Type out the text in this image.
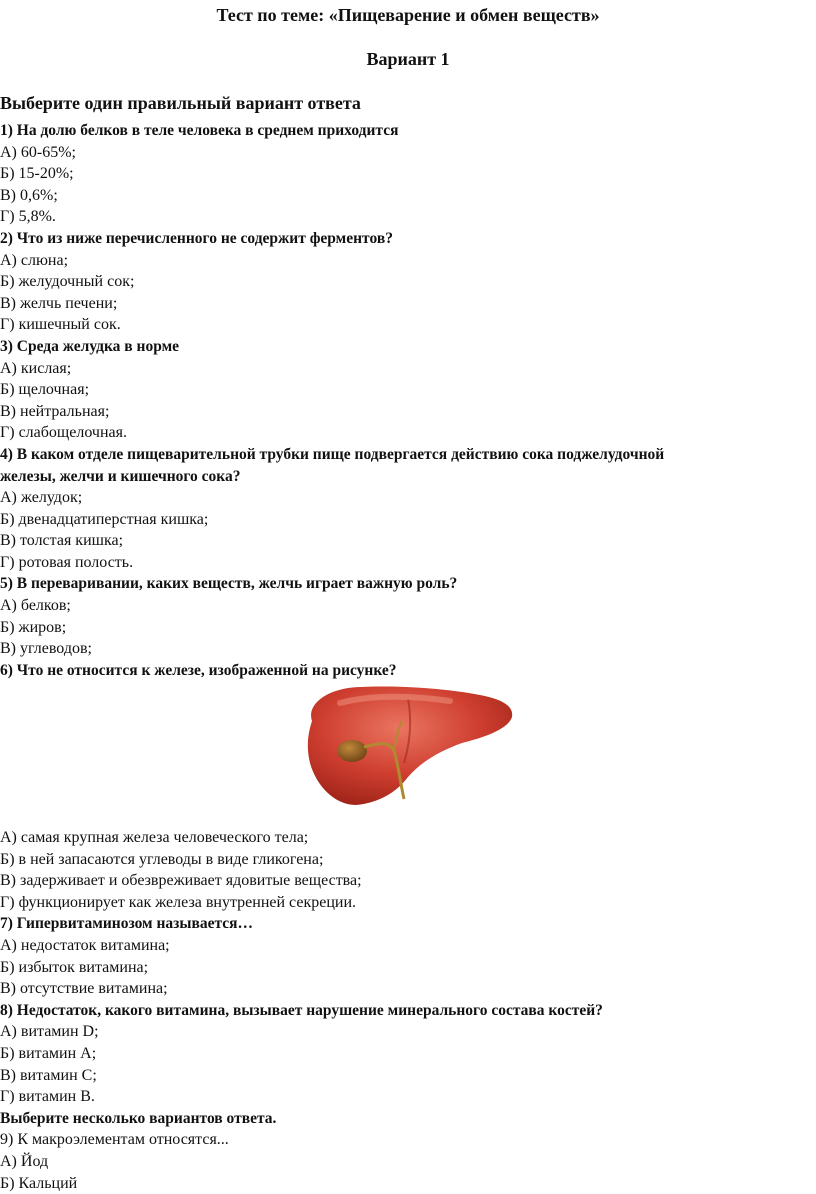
Тест по теме: «Пищеварение и обмен веществ»
Вариант 1
Выберите один правильный вариант ответа
1) На долю белков в теле человека в среднем приходится
А) 60-65%;
Б) 15-20%;
В) 0,6%;
Г) 5,8%.
2) Что из ниже перечисленного не содержит ферментов?
А) слюна;
Б) желудочный сок;
В) желчь печени;
Г) кишечный сок.
3) Среда желудка в норме
А) кислая;
Б) щелочная;
В) нейтральная;
Г) слабощелочная.
4) В каком отделе пищеварительной трубки пище подвергается действию сока поджелудочной
железы, желчи и кишечного сока?
А) желудок;
Б) двенадцатиперстная кишка;
В) толстая кишка;
Г) ротовая полость.
5) В переваривании, каких веществ, желчь играет важную роль?
А) белков;
Б) жиров;
В) углеводов;
6) Что не относится к железе, изображенной на рисунке?
А) самая крупная железа человеческого тела;
Б) в ней запасаются углеводы в виде гликогена;
В) задерживает и обезвреживает ядовитые вещества;
Г) функционирует как железа внутренней секреции.
7) Гипервитаминозом называется…
А) недостаток витамина;
Б) избыток витамина;
В) отсутствие витамина;
8) Недостаток, какого витамина, вызывает нарушение минерального состава костей?
А) витамин D;
Б) витамин А;
В) витамин С;
Г) витамин В.
Выберите несколько вариантов ответа.
9) К макроэлементам относятся...
А) Йод
Б) Кальций
